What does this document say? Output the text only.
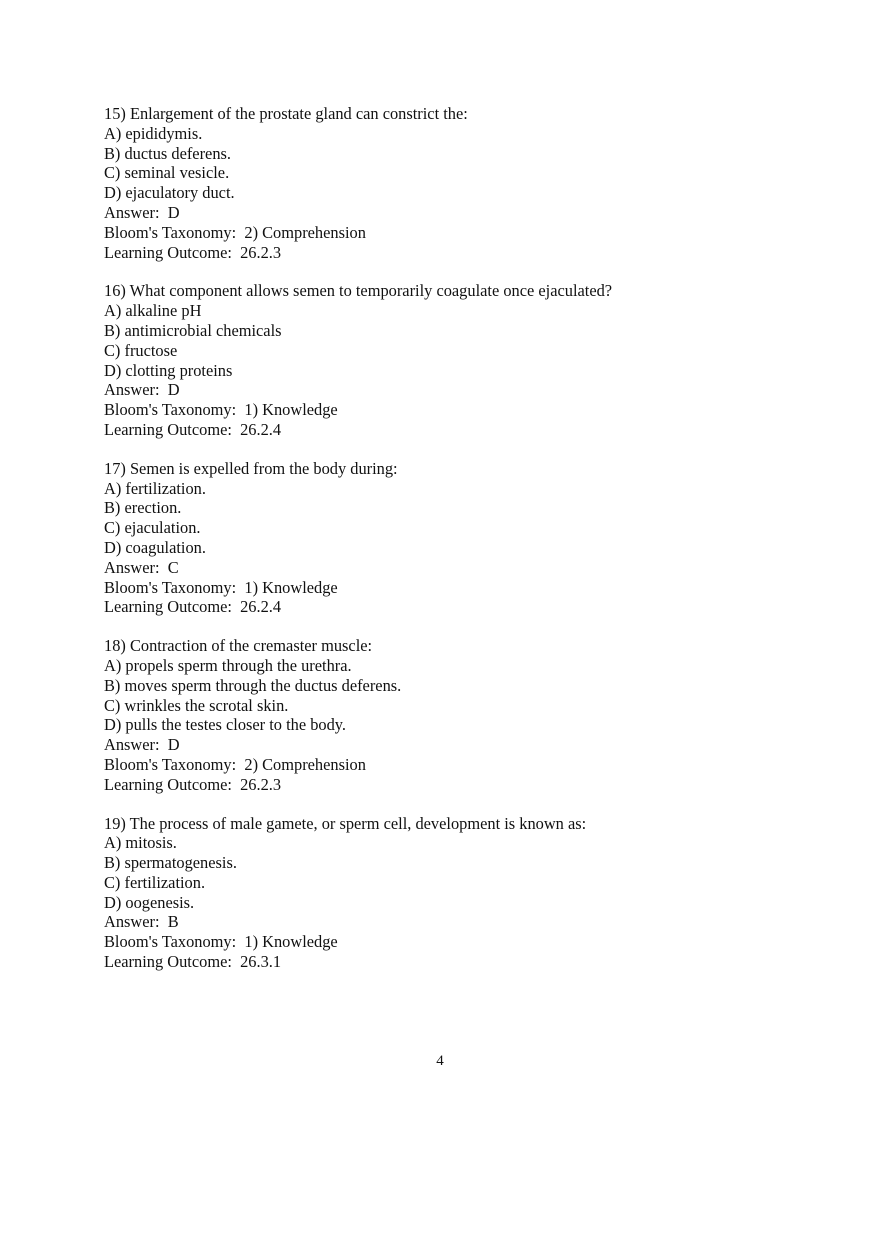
15) Enlargement of the prostate gland can constrict the:
A) epididymis.
B) ductus deferens.
C) seminal vesicle.
D) ejaculatory duct.
Answer:  D
Bloom's Taxonomy:  2) Comprehension
Learning Outcome:  26.2.3
16) What component allows semen to temporarily coagulate once ejaculated?
A) alkaline pH
B) antimicrobial chemicals
C) fructose
D) clotting proteins
Answer:  D
Bloom's Taxonomy:  1) Knowledge
Learning Outcome:  26.2.4
17) Semen is expelled from the body during:
A) fertilization.
B) erection.
C) ejaculation.
D) coagulation.
Answer:  C
Bloom's Taxonomy:  1) Knowledge
Learning Outcome:  26.2.4
18) Contraction of the cremaster muscle:
A) propels sperm through the urethra.
B) moves sperm through the ductus deferens.
C) wrinkles the scrotal skin.
D) pulls the testes closer to the body.
Answer:  D
Bloom's Taxonomy:  2) Comprehension
Learning Outcome:  26.2.3
19) The process of male gamete, or sperm cell, development is known as:
A) mitosis.
B) spermatogenesis.
C) fertilization.
D) oogenesis.
Answer:  B
Bloom's Taxonomy:  1) Knowledge
Learning Outcome:  26.3.1
4
